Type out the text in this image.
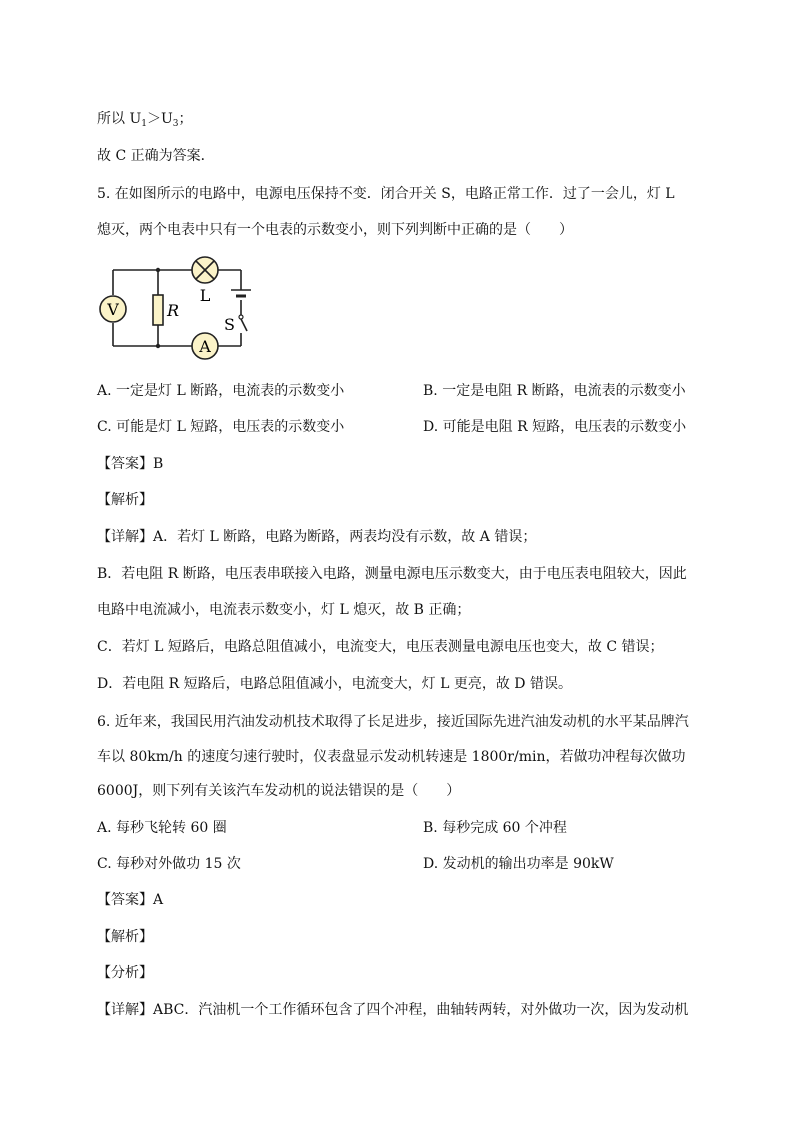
所以 $U_1>U_3$；
故 C 正确为答案．
5. 在如图所示的电路中，电源电压保持不变．闭合开关 S，电路正常工作．过了一会儿，灯 L
熄灭，两个电表中只有一个电表的示数变小，则下列判断中正确的是（　　）
V	R
L
A
S
A. 一定是灯 L 断路，电流表的示数变小	B. 一定是电阻 R 断路，电流表的示数变小
C. 可能是灯 L 短路，电压表的示数变小	D. 可能是电阻 R 短路，电压表的示数变小
【答案】B
【解析】
【详解】A．若灯 L 断路，电路为断路，两表均没有示数，故 A 错误；
B．若电阻 R 断路，电压表串联接入电路，测量电源电压示数变大，由于电压表电阻较大，因此
电路中电流减小，电流表示数变小，灯 L 熄灭，故 B 正确；
C．若灯 L 短路后，电路总阻值减小，电流变大，电压表测量电源电压也变大，故 C 错误；
D．若电阻 R 短路后，电路总阻值减小，电流变大，灯 L 更亮，故 D 错误。
6. 近年来，我国民用汽油发动机技术取得了长足进步，接近国际先进汽油发动机的水平某品牌汽
车以 80km/h 的速度匀速行驶时，仪表盘显示发动机转速是 1800r/min，若做功冲程每次做功
6000J，则下列有关该汽车发动机的说法错误的是（　　）
A. 每秒飞轮转 60 圈	B. 每秒完成 60 个冲程
C. 每秒对外做功 15 次	D. 发动机的输出功率是 90kW
【答案】A
【解析】
【分析】
【详解】ABC．汽油机一个工作循环包含了四个冲程，曲轴转两转，对外做功一次，因为发动机
